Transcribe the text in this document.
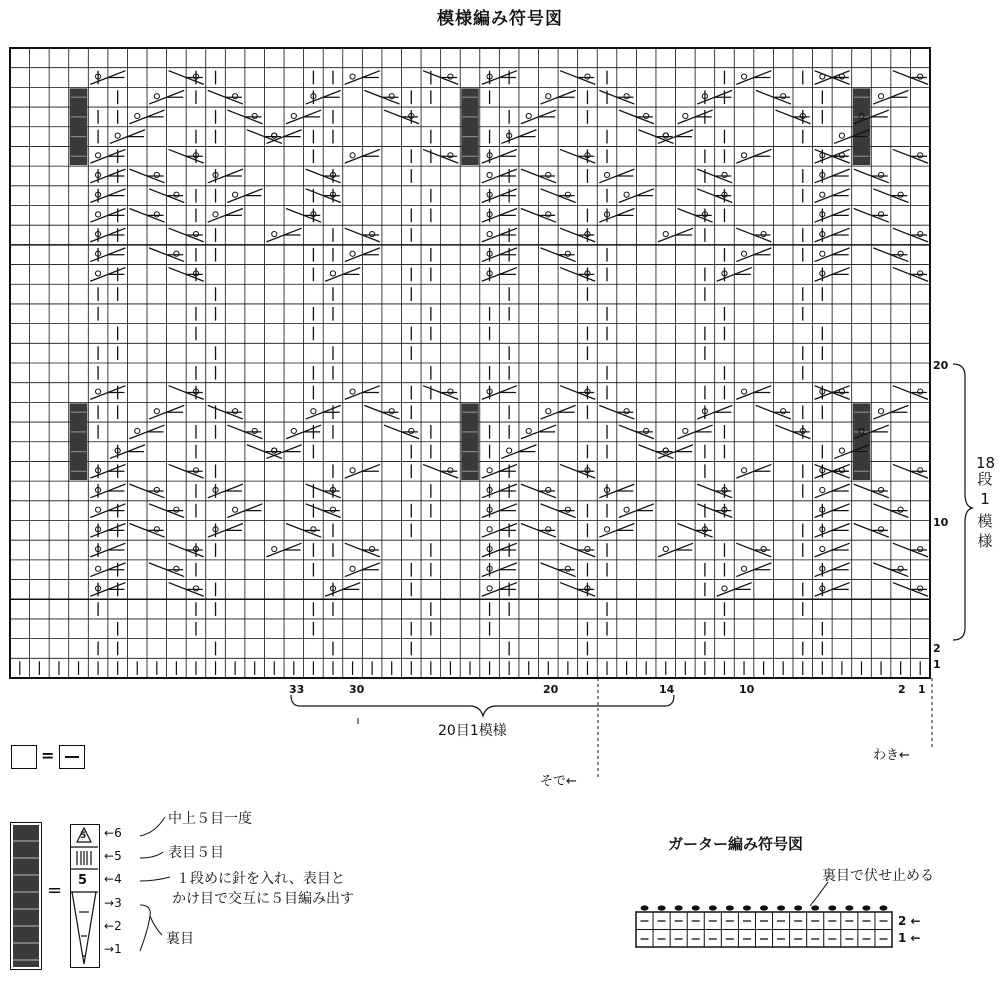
模様編み符号図
20
10
2
1
18
段
1
模
様
33	30	20	14	10	2 1
20目1模様
そで←
わき←
=
=
5
5
←6
←5
←4
→3
←2
→1
中上５目一度
表目５目
１段めに針を入れ、表目と
かけ目で交互に５目編み出す
裏目
ガーター編み符号図
裏目で伏せ止める
2 ←
1 ←
